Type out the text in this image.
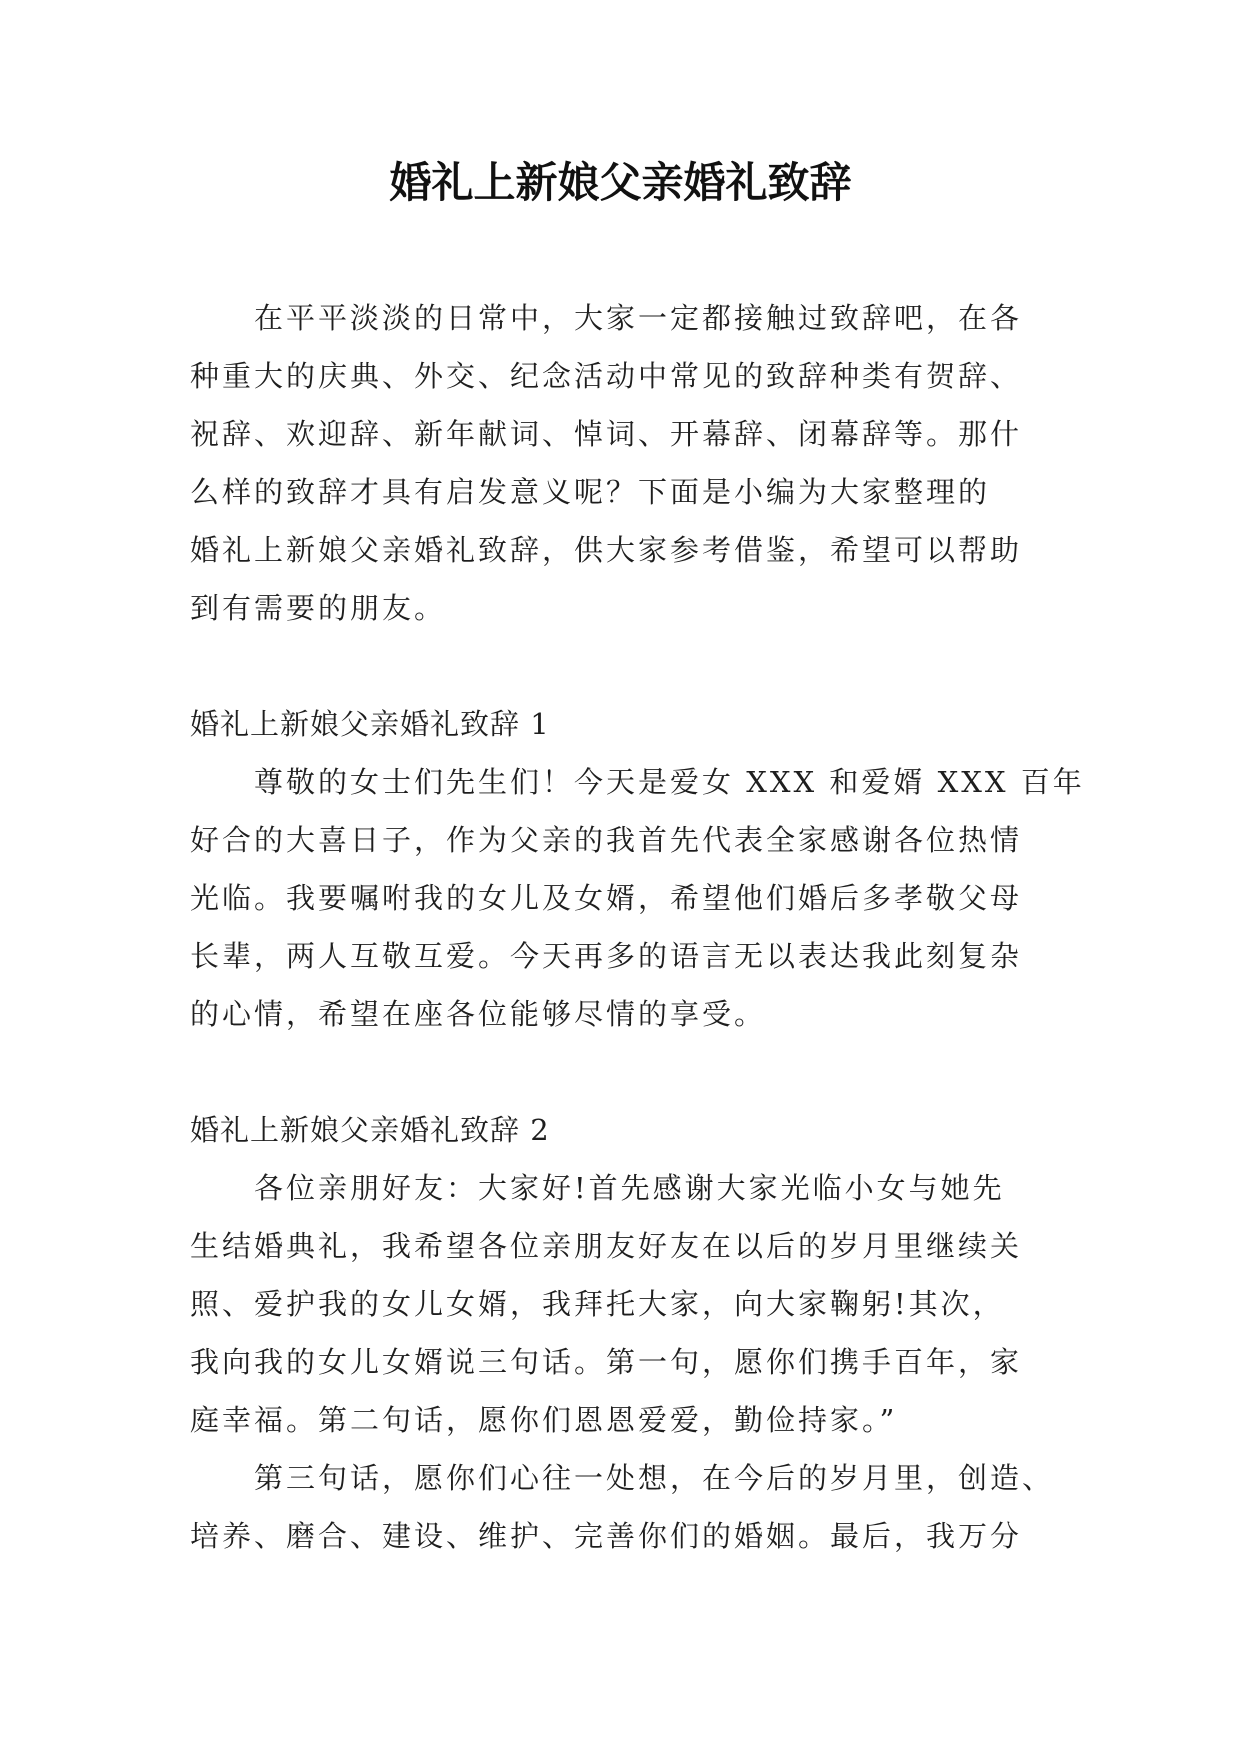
婚礼上新娘父亲婚礼致辞
在平平淡淡的日常中，大家一定都接触过致辞吧，在各
种重大的庆典、外交、纪念活动中常见的致辞种类有贺辞、
祝辞、欢迎辞、新年献词、悼词、开幕辞、闭幕辞等。那什
么样的致辞才具有启发意义呢？下面是小编为大家整理的
婚礼上新娘父亲婚礼致辞，供大家参考借鉴，希望可以帮助
到有需要的朋友。
婚礼上新娘父亲婚礼致辞 1
尊敬的女士们先生们！今天是爱女 XXX 和爱婿 XXX 百年
好合的大喜日子，作为父亲的我首先代表全家感谢各位热情
光临。我要嘱咐我的女儿及女婿，希望他们婚后多孝敬父母
长辈，两人互敬互爱。今天再多的语言无以表达我此刻复杂
的心情，希望在座各位能够尽情的享受。
婚礼上新娘父亲婚礼致辞 2
各位亲朋好友：大家好!首先感谢大家光临小女与她先
生结婚典礼，我希望各位亲朋友好友在以后的岁月里继续关
照、爱护我的女儿女婿，我拜托大家，向大家鞠躬!其次，
我向我的女儿女婿说三句话。第一句，愿你们携手百年，家
庭幸福。第二句话，愿你们恩恩爱爱，勤俭持家。”
第三句话，愿你们心往一处想，在今后的岁月里，创造、
培养、磨合、建设、维护、完善你们的婚姻。最后，我万分
